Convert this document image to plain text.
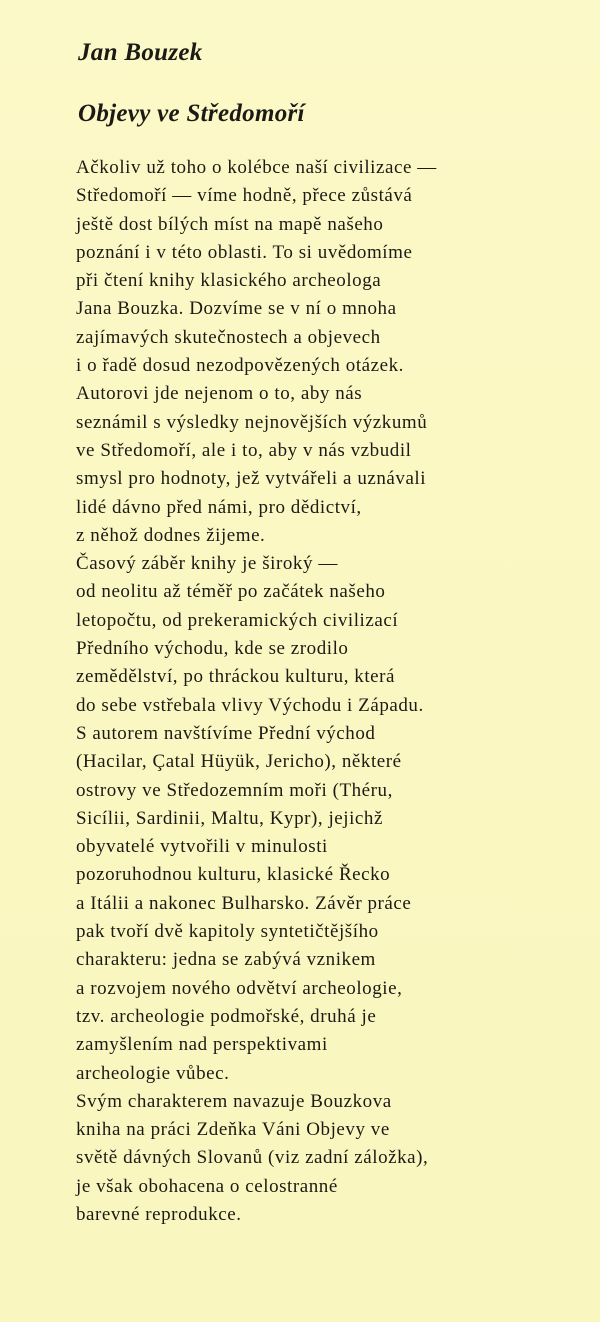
Jan Bouzek
Objevy ve Středomoří
Ačkoliv už toho o kolébce naší civilizace —
Středomoří — víme hodně, přece zůstává
ještě dost bílých míst na mapě našeho
poznání i v této oblasti. To si uvědomíme
při čtení knihy klasického archeologa
Jana Bouzka. Dozvíme se v ní o mnoha
zajímavých skutečnostech a objevech
i o řadě dosud nezodpovězených otázek.
Autorovi jde nejenom o to, aby nás
seznámil s výsledky nejnovějších výzkumů
ve Středomoří, ale i to, aby v nás vzbudil
smysl pro hodnoty, jež vytvářeli a uznávali
lidé dávno před námi, pro dědictví,
z něhož dodnes žijeme.
Časový záběr knihy je široký —
od neolitu až téměř po začátek našeho
letopočtu, od prekeramických civilizací
Předního východu, kde se zrodilo
zemědělství, po thráckou kulturu, která
do sebe vstřebala vlivy Východu i Západu.
S autorem navštívíme Přední východ
(Hacilar, Çatal Hüyük, Jericho), některé
ostrovy ve Středozemním moři (Théru,
Sicílii, Sardinii, Maltu, Kypr), jejichž
obyvatelé vytvořili v minulosti
pozoruhodnou kulturu, klasické Řecko
a Itálii a nakonec Bulharsko. Závěr práce
pak tvoří dvě kapitoly syntetičtějšího
charakteru: jedna se zabývá vznikem
a rozvojem nového odvětví archeologie,
tzv. archeologie podmořské, druhá je
zamyšlením nad perspektivami
archeologie vůbec.
Svým charakterem navazuje Bouzkova
kniha na práci Zdeňka Váni Objevy ve
světě dávných Slovanů (viz zadní záložka),
je však obohacena o celostranné
barevné reprodukce.
